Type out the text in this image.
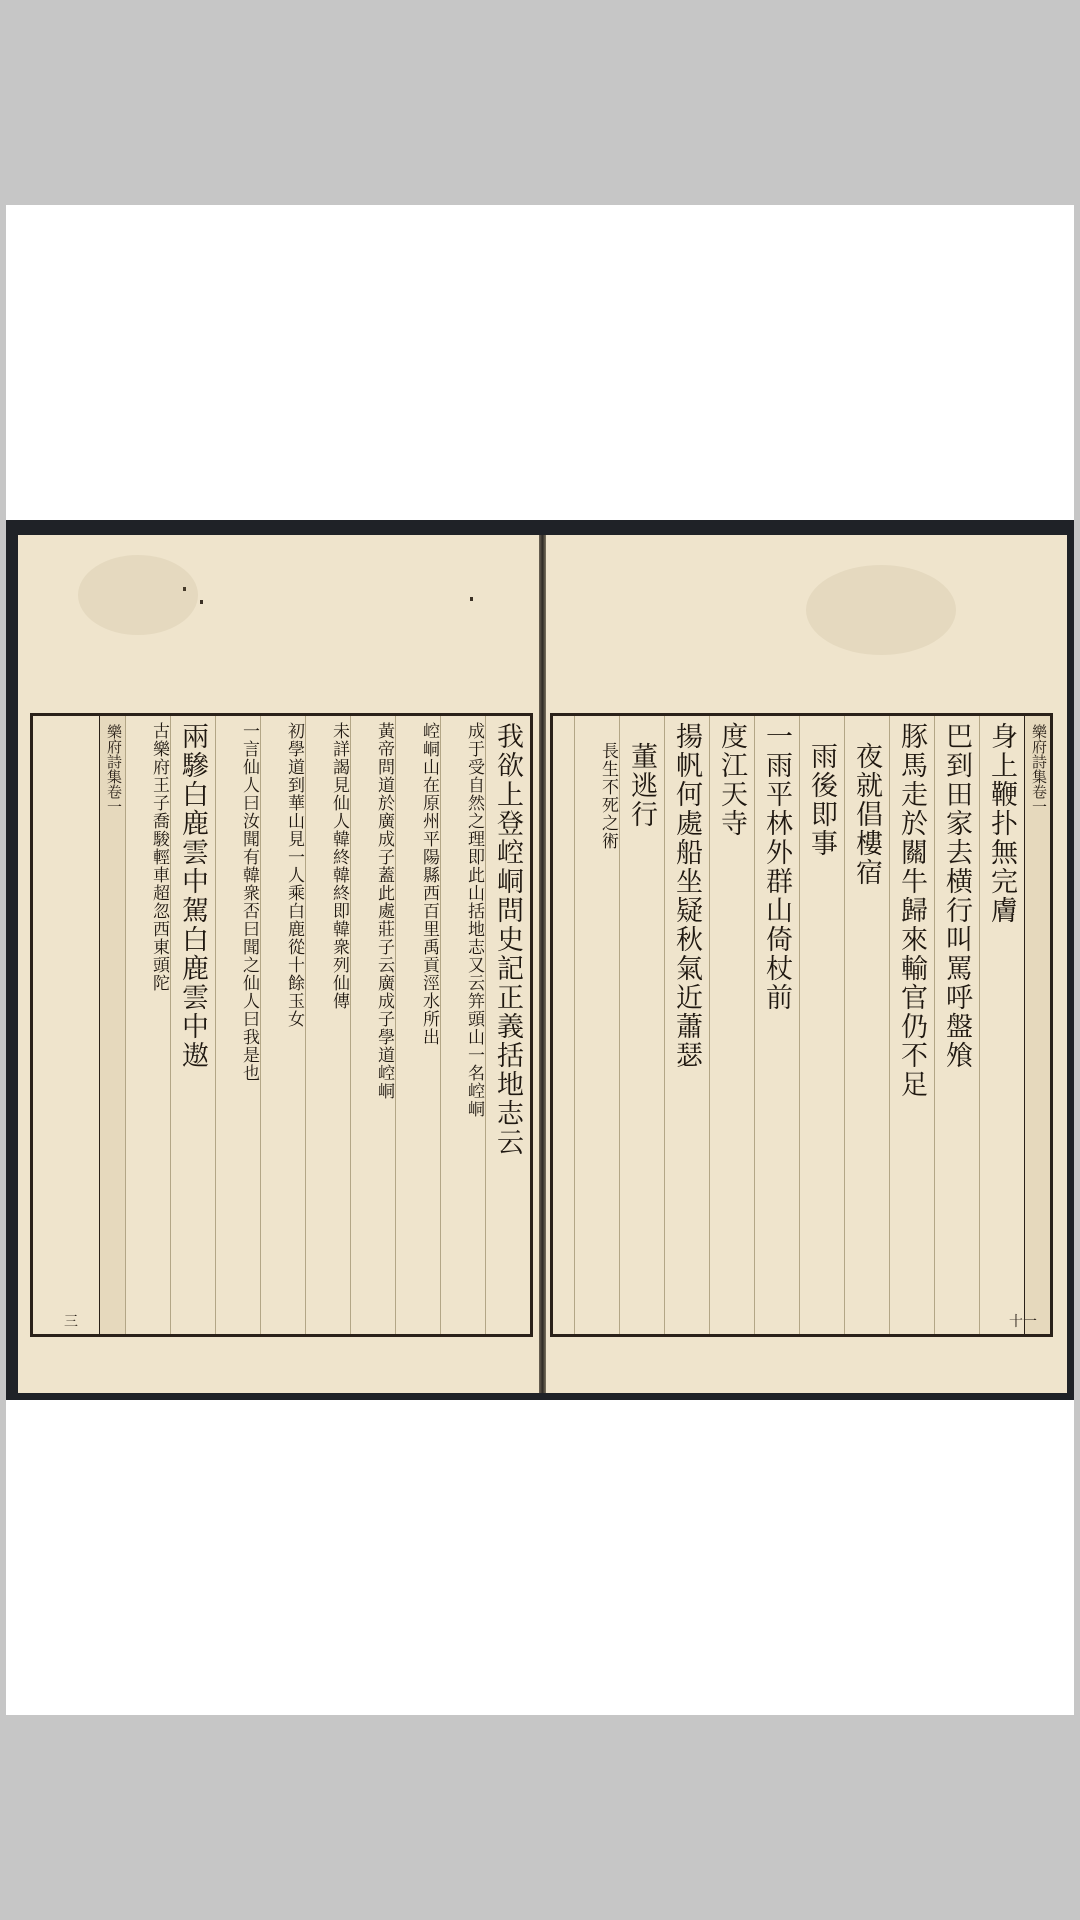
我欲上登崆峒問史記正義括地志云
成于受自然之理即此山括地志又云笄頭山一名崆峒
崆峒山在原州平陽縣西百里禹貢涇水所出
黃帝問道於廣成子蓋此處莊子云廣成子學道崆峒
未詳謁見仙人韓終韓終即韓衆列仙傳
初學道到華山見一人乘白鹿從十餘玉女
一言仙人曰汝聞有韓衆否曰聞之仙人曰我是也
兩驂白鹿雲中駕白鹿雲中遨
古樂府王子喬駿輕車超忽西東頭陀
樂府詩集卷一
三
樂府詩集卷一
身上鞭扑無完膚
巴到田家去横行叫罵呼盤飧
豚馬走於關牛歸來輸官仍不足
夜就倡樓宿
雨後即事
一雨平林外群山倚杖前
度江天寺
揚帆何處船坐疑秋氣近蕭瑟
董逃行
長生不死之術
十一
